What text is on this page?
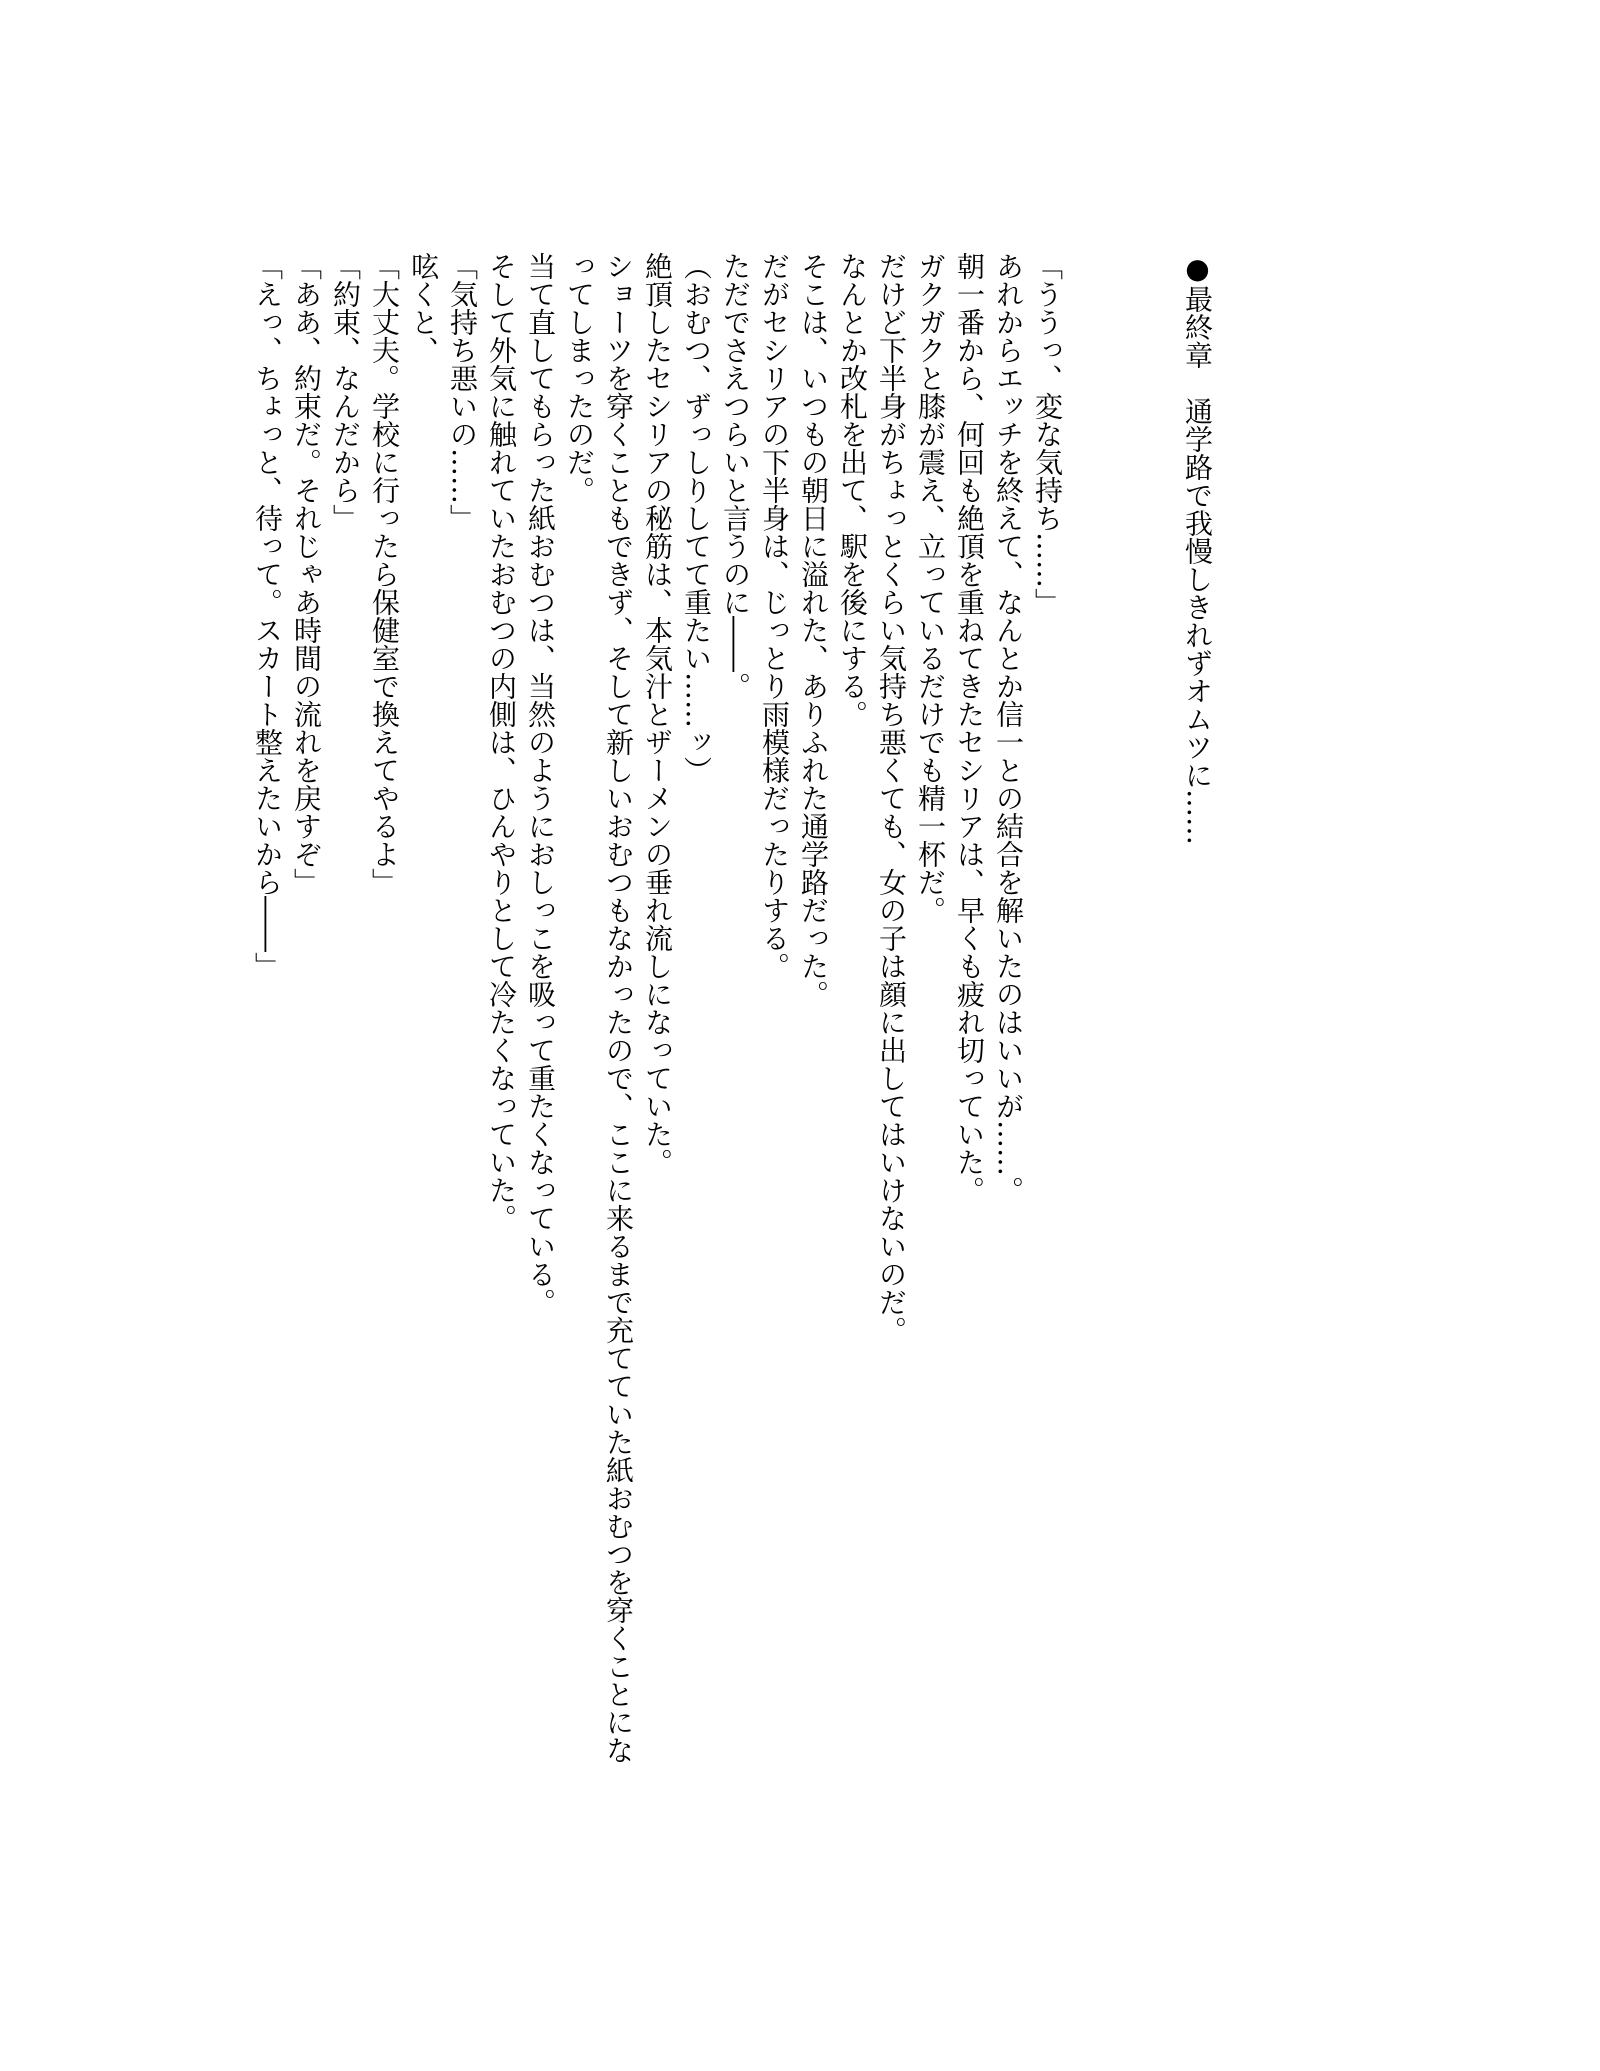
●最終章　通学路で我慢しきれずオムツに……
「ううっ、変な気持ち……」
あれからエッチを終えて、なんとか信一との結合を解いたのはいいが……。
朝一番から、何回も絶頂を重ねてきたセシリアは、早くも疲れ切っていた。
ガクガクと膝が震え、立っているだけでも精一杯だ。
だけど下半身がちょっとくらい気持ち悪くても、女の子は顔に出してはいけないのだ。
なんとか改札を出て、駅を後にする。
そこは、いつもの朝日に溢れた、ありふれた通学路だった。
だがセシリアの下半身は、じっとり雨模様だったりする。
ただでさえつらいと言うのに――。
（おむつ、ずっしりしてて重たい……ッ）
絶頂したセシリアの秘筋は、本気汁とザーメンの垂れ流しになっていた。
ショーツを穿くこともできず、そして新しいおむつもなかったので、ここに来るまで充てていた紙おむつを穿くことにな
ってしまったのだ。
当て直してもらった紙おむつは、当然のようにおしっこを吸って重たくなっている。
そして外気に触れていたおむつの内側は、ひんやりとして冷たくなっていた。
「気持ち悪いの……」
呟くと、
「大丈夫。学校に行ったら保健室で換えてやるよ」
「約束、なんだから」
「ああ、約束だ。それじゃあ時間の流れを戻すぞ」
「えっ、ちょっと、待って。スカート整えたいから――」
